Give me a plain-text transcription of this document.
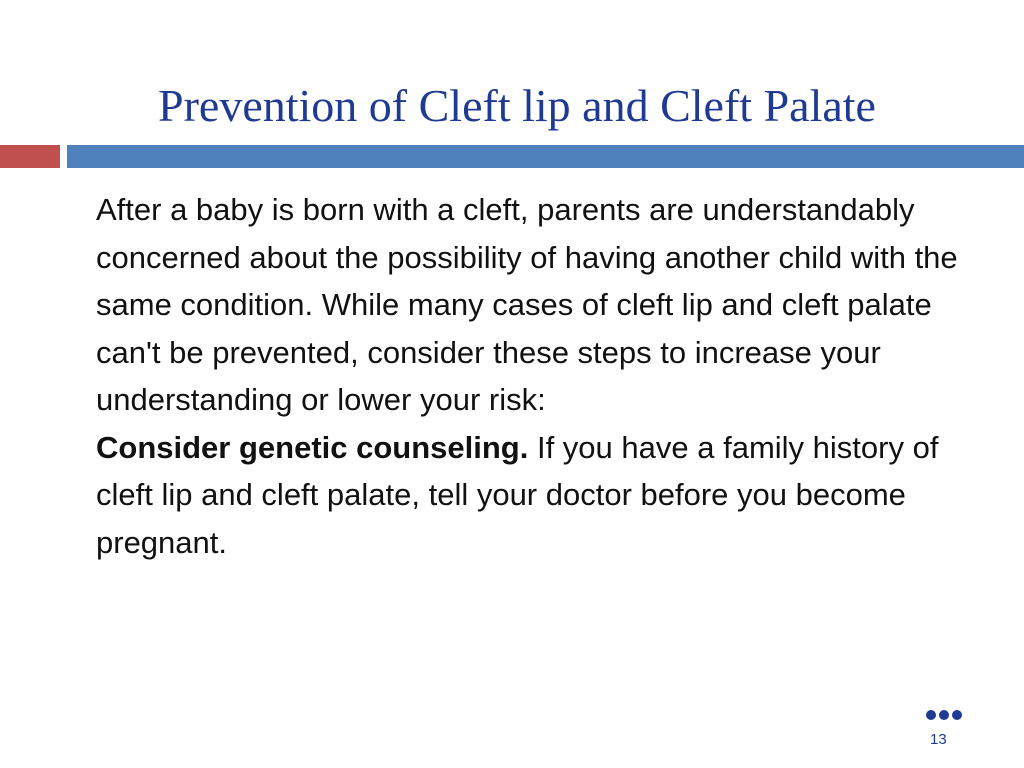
Prevention of Cleft lip and Cleft Palate

After a baby is born with a cleft, parents are understandably concerned about the possibility of having another child with the same condition. While many cases of cleft lip and cleft palate can't be prevented, consider these steps to increase your understanding or lower your risk:

Consider genetic counseling. If you have a family history of cleft lip and cleft palate, tell your doctor before you become pregnant.

13
